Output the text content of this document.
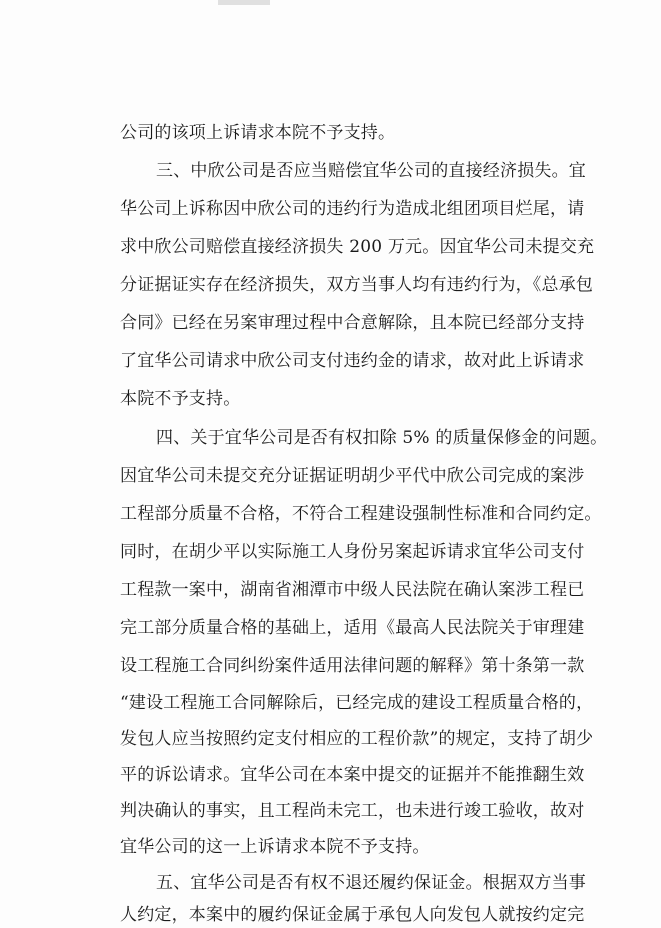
公司的该项上诉请求本院不予支持。
三、中欣公司是否应当赔偿宜华公司的直接经济损失。宜
华公司上诉称因中欣公司的违约行为造成北组团项目烂尾，请
求中欣公司赔偿直接经济损失 200 万元。因宜华公司未提交充
分证据证实存在经济损失，双方当事人均有违约行为，《总承包
合同》已经在另案审理过程中合意解除，且本院已经部分支持
了宜华公司请求中欣公司支付违约金的请求，故对此上诉请求
本院不予支持。
四、关于宜华公司是否有权扣除 5% 的质量保修金的问题。
因宜华公司未提交充分证据证明胡少平代中欣公司完成的案涉
工程部分质量不合格，不符合工程建设强制性标准和合同约定。
同时，在胡少平以实际施工人身份另案起诉请求宜华公司支付
工程款一案中，湖南省湘潭市中级人民法院在确认案涉工程已
完工部分质量合格的基础上，适用《最高人民法院关于审理建
设工程施工合同纠纷案件适用法律问题的解释》第十条第一款
“建设工程施工合同解除后，已经完成的建设工程质量合格的，
发包人应当按照约定支付相应的工程价款”的规定，支持了胡少
平的诉讼请求。宜华公司在本案中提交的证据并不能推翻生效
判决确认的事实，且工程尚未完工，也未进行竣工验收，故对
宜华公司的这一上诉请求本院不予支持。
五、宜华公司是否有权不退还履约保证金。根据双方当事
人约定，本案中的履约保证金属于承包人向发包人就按约定完
